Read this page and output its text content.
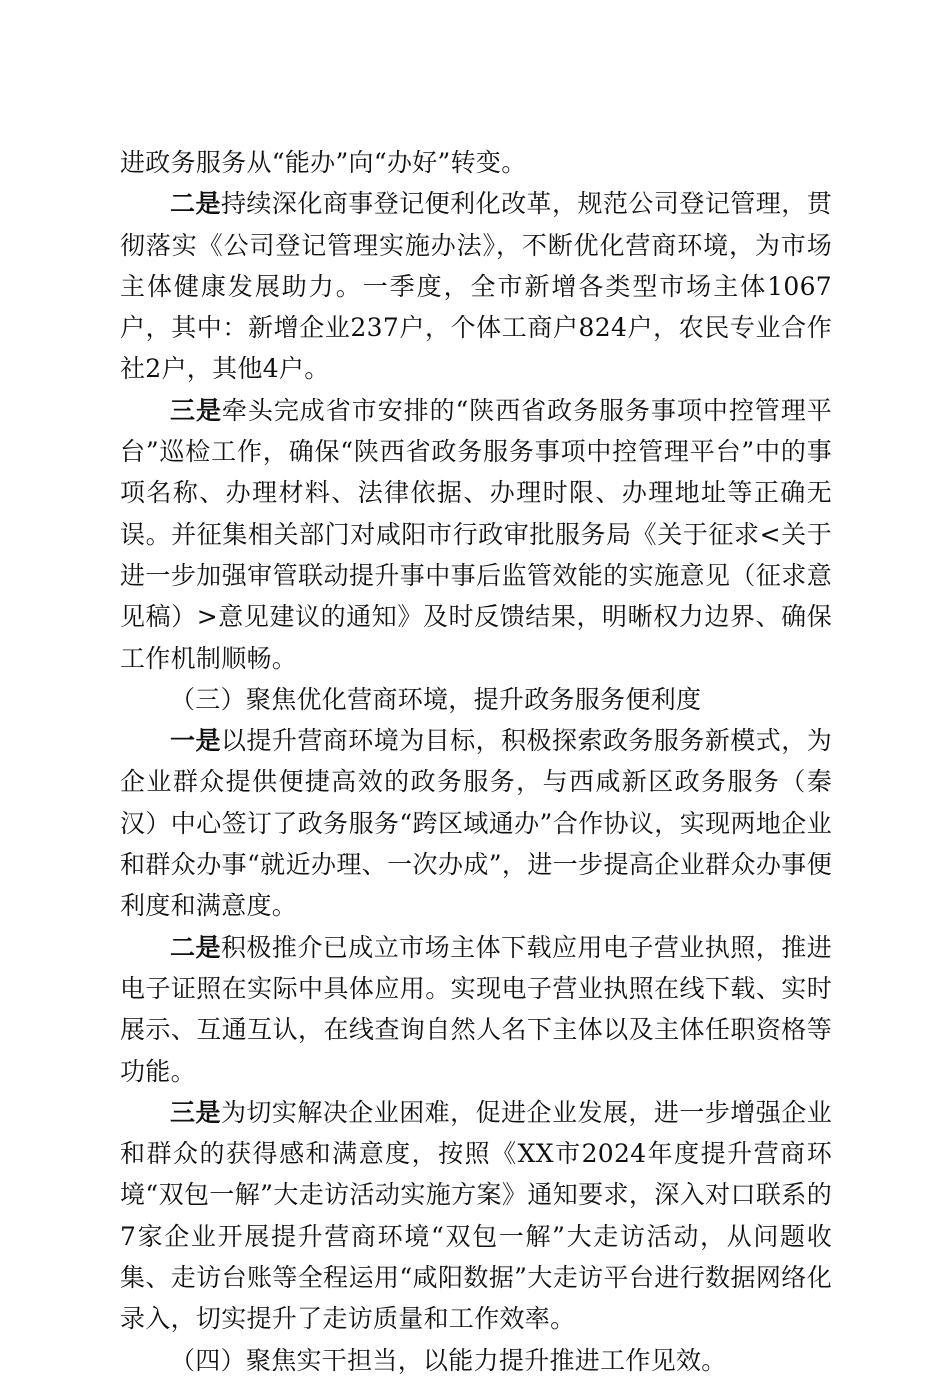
进政务服务从“能办”向“办好”转变。

二是持续深化商事登记便利化改革，规范公司登记管理，贯彻落实《公司登记管理实施办法》，不断优化营商环境，为市场主体健康发展助力。一季度，全市新增各类型市场主体1067户，其中：新增企业237户，个体工商户824户，农民专业合作社2户，其他4户。

三是牵头完成省市安排的“陕西省政务服务事项中控管理平台”巡检工作，确保“陕西省政务服务事项中控管理平台”中的事项名称、办理材料、法律依据、办理时限、办理地址等正确无误。并征集相关部门对咸阳市行政审批服务局《关于征求<关于进一步加强审管联动提升事中事后监管效能的实施意见（征求意见稿）>意见建议的通知》及时反馈结果，明晰权力边界、确保工作机制顺畅。

（三）聚焦优化营商环境，提升政务服务便利度

一是以提升营商环境为目标，积极探索政务服务新模式，为企业群众提供便捷高效的政务服务，与西咸新区政务服务（秦汉）中心签订了政务服务“跨区域通办”合作协议，实现两地企业和群众办事“就近办理、一次办成”，进一步提高企业群众办事便利度和满意度。

二是积极推介已成立市场主体下载应用电子营业执照，推进电子证照在实际中具体应用。实现电子营业执照在线下载、实时展示、互通互认，在线查询自然人名下主体以及主体任职资格等功能。

三是为切实解决企业困难，促进企业发展，进一步增强企业和群众的获得感和满意度，按照《XX市2024年度提升营商环境“双包一解”大走访活动实施方案》通知要求，深入对口联系的7家企业开展提升营商环境“双包一解”大走访活动，从问题收集、走访台账等全程运用“咸阳数据”大走访平台进行数据网络化录入，切实提升了走访质量和工作效率。

（四）聚焦实干担当，以能力提升推进工作见效。
